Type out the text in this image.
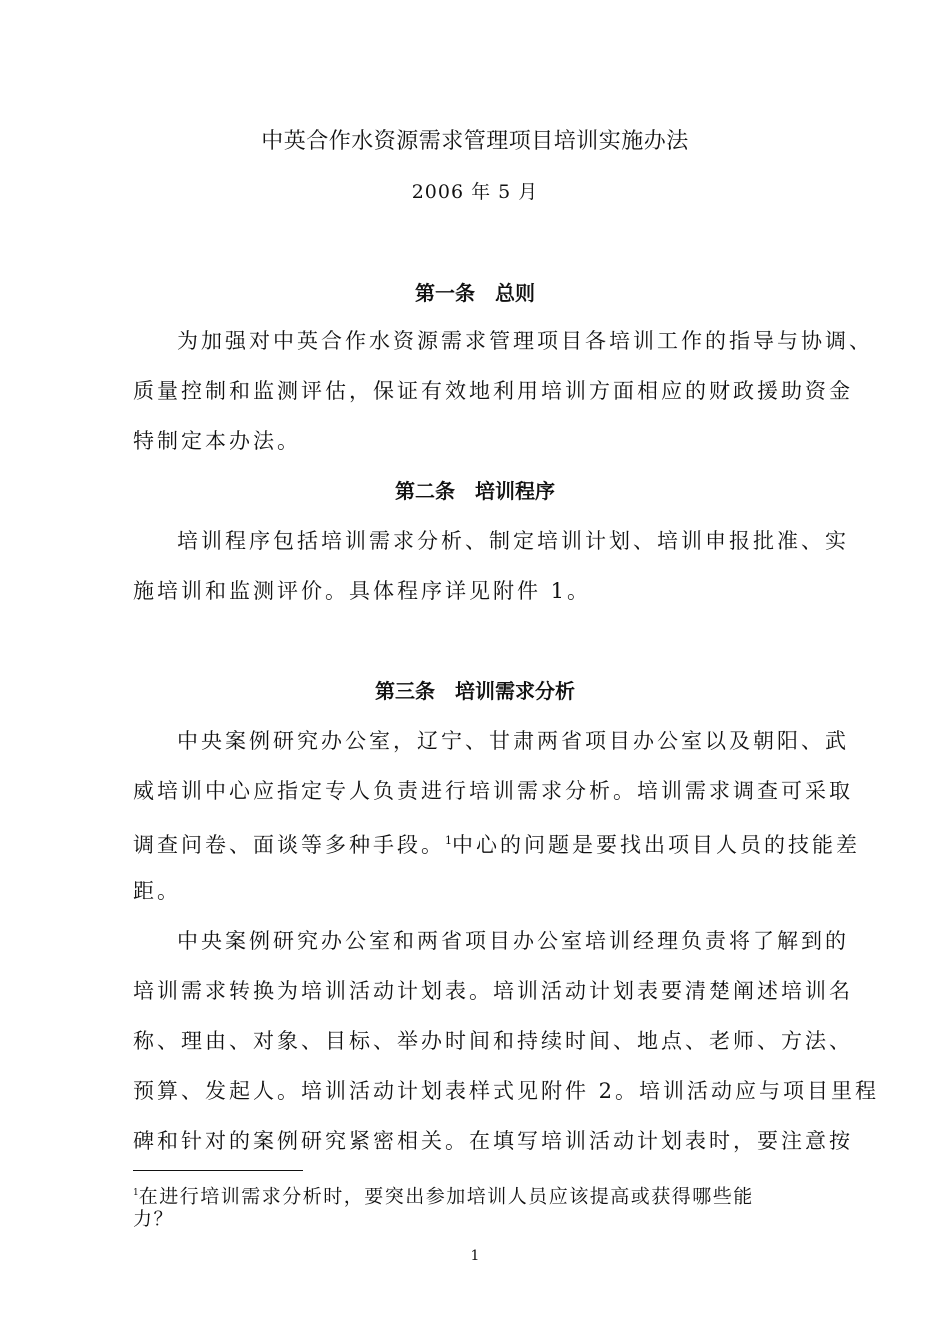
中英合作水资源需求管理项目培训实施办法
2006 年 5 月
第一条　总则
为加强对中英合作水资源需求管理项目各培训工作的指导与协调、
质量控制和监测评估，保证有效地利用培训方面相应的财政援助资金
特制定本办法。
第二条　培训程序
培训程序包括培训需求分析、制定培训计划、培训申报批准、实
施培训和监测评价。具体程序详见附件 1。
第三条　培训需求分析
中央案例研究办公室，辽宁、甘肃两省项目办公室以及朝阳、武
威培训中心应指定专人负责进行培训需求分析。培训需求调查可采取
调查问卷、面谈等多种手段。$^1$中心的问题是要找出项目人员的技能差
距。
中央案例研究办公室和两省项目办公室培训经理负责将了解到的
培训需求转换为培训活动计划表。培训活动计划表要清楚阐述培训名
称、理由、对象、目标、举办时间和持续时间、地点、老师、方法、
预算、发起人。培训活动计划表样式见附件 2。培训活动应与项目里程
碑和针对的案例研究紧密相关。在填写培训活动计划表时，要注意按
$^1$在进行培训需求分析时，要突出参加培训人员应该提高或获得哪些能
力？
1
